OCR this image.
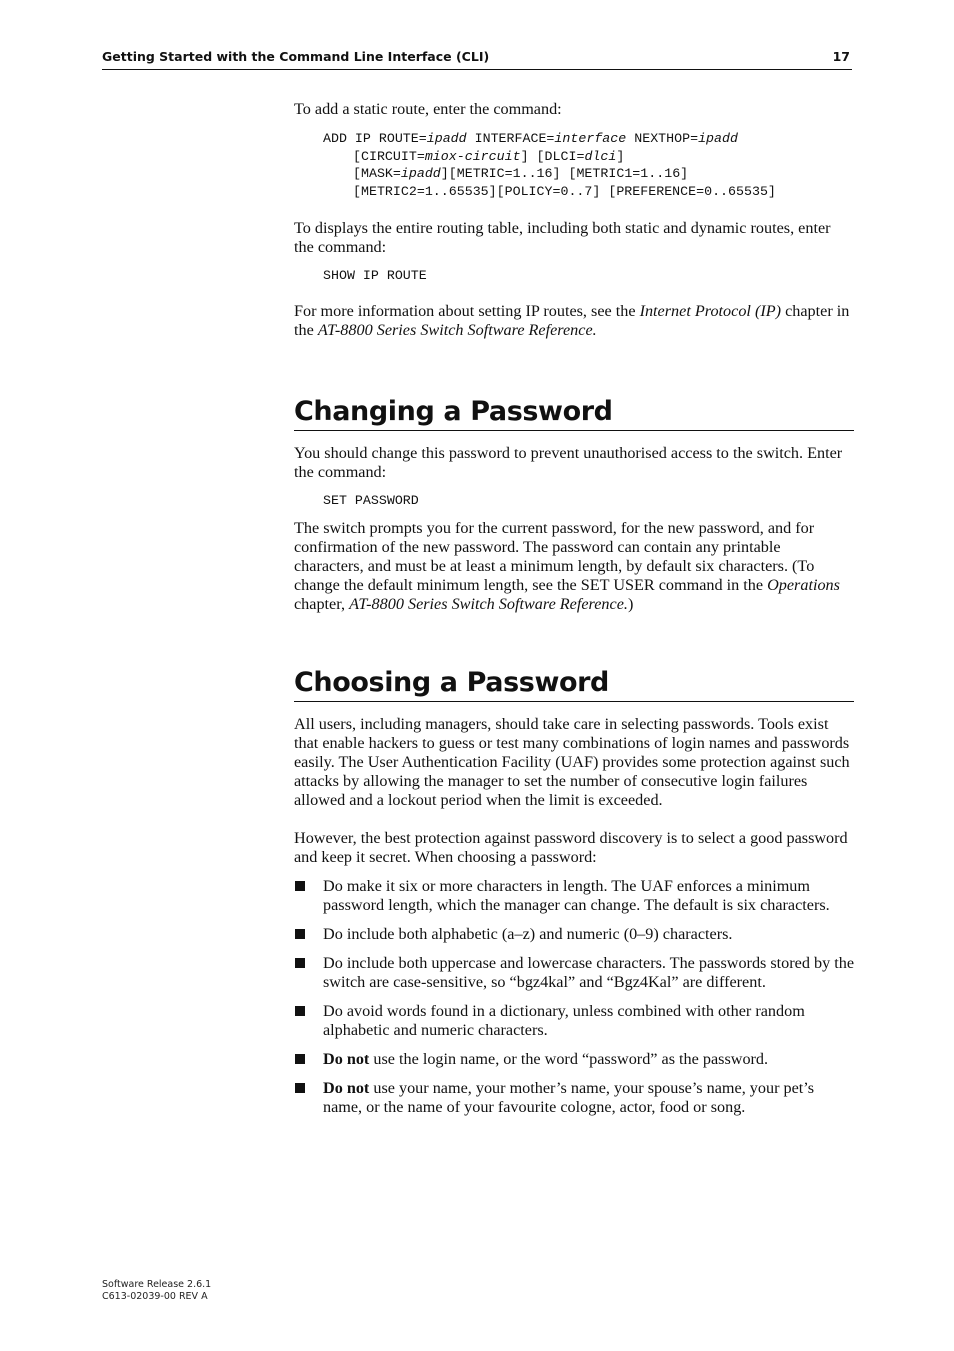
Getting Started with the Command Line Interface (CLI)	17

To add a static route, enter the command:

ADD IP ROUTE=ipadd INTERFACE=interface NEXTHOP=ipadd
[CIRCUIT=miox-circuit] [DLCI=dlci]
[MASK=ipadd][METRIC=1..16] [METRIC1=1..16]
[METRIC2=1..65535][POLICY=0..7] [PREFERENCE=0..65535]

To displays the entire routing table, including both static and dynamic routes, enter the command:

SHOW IP ROUTE

For more information about setting IP routes, see the Internet Protocol (IP) chapter in the AT-8800 Series Switch Software Reference.

Changing a Password

You should change this password to prevent unauthorised access to the switch. Enter the command:

SET PASSWORD

The switch prompts you for the current password, for the new password, and for confirmation of the new password. The password can contain any printable characters, and must be at least a minimum length, by default six characters. (To change the default minimum length, see the SET USER command in the Operations chapter, AT-8800 Series Switch Software Reference.)

Choosing a Password

All users, including managers, should take care in selecting passwords. Tools exist that enable hackers to guess or test many combinations of login names and passwords easily. The User Authentication Facility (UAF) provides some protection against such attacks by allowing the manager to set the number of consecutive login failures allowed and a lockout period when the limit is exceeded.

However, the best protection against password discovery is to select a good password and keep it secret. When choosing a password:

Do make it six or more characters in length. The UAF enforces a minimum password length, which the manager can change. The default is six characters.
Do include both alphabetic (a–z) and numeric (0–9) characters.
Do include both uppercase and lowercase characters. The passwords stored by the switch are case-sensitive, so “bgz4kal” and “Bgz4Kal” are different.
Do avoid words found in a dictionary, unless combined with other random alphabetic and numeric characters.
Do not use the login name, or the word “password” as the password.
Do not use your name, your mother’s name, your spouse’s name, your pet’s name, or the name of your favourite cologne, actor, food or song.
Software Release 2.6.1
C613-02039-00 REV A
